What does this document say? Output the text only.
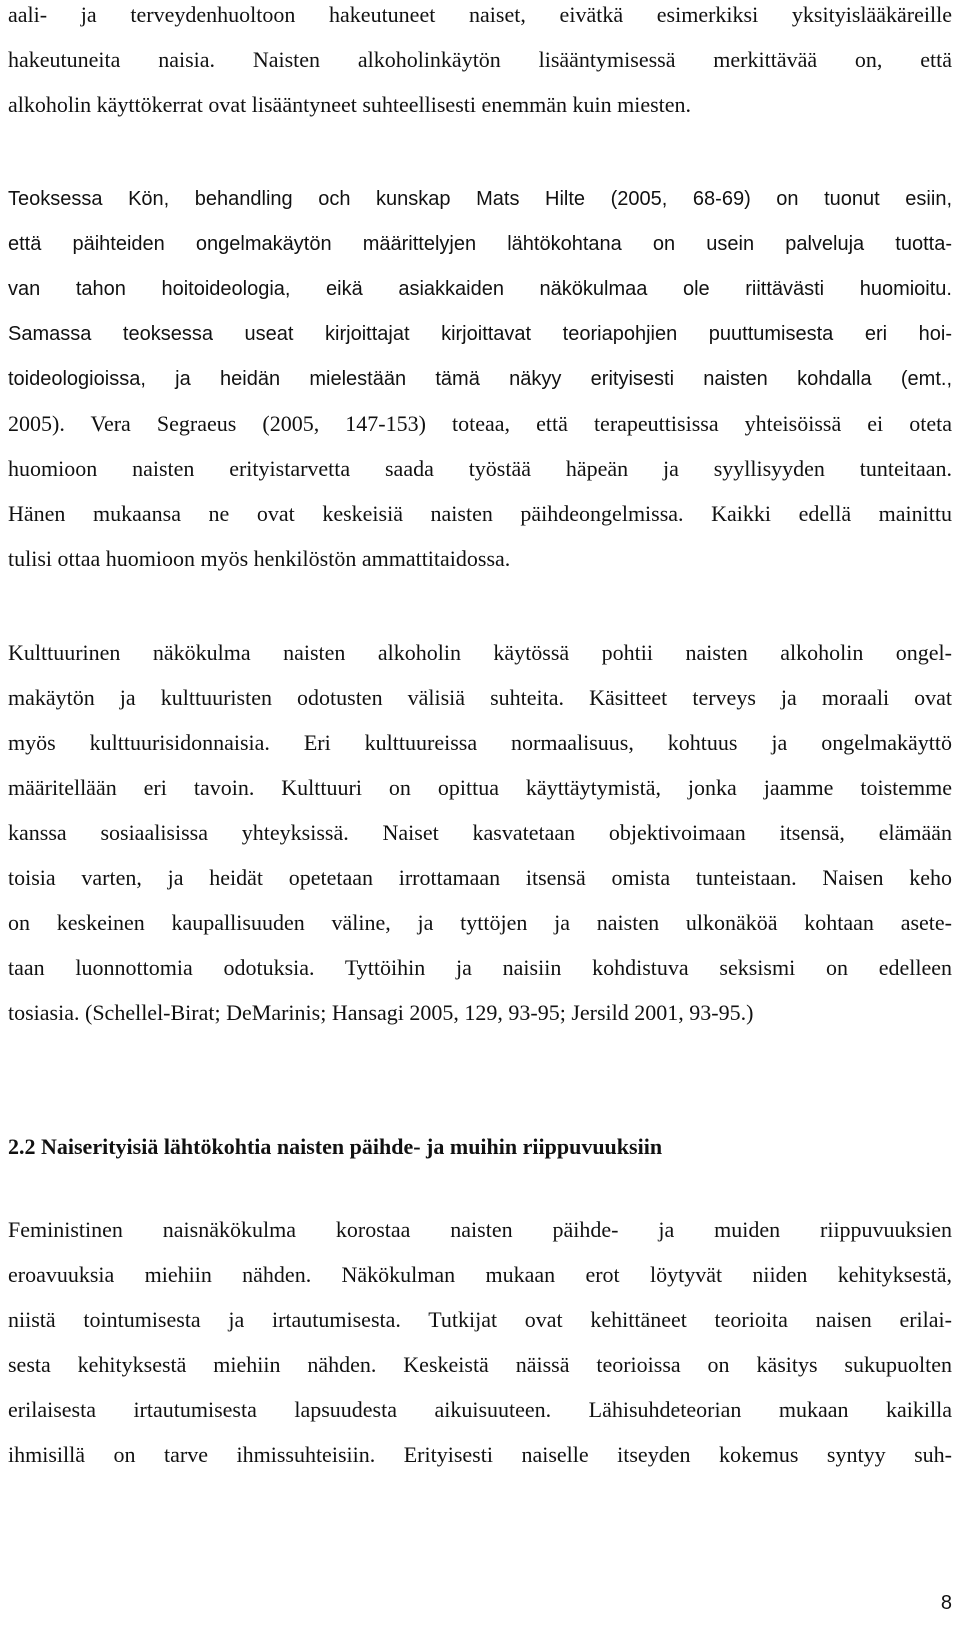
aali- ja terveydenhuoltoon hakeutuneet naiset, eivätkä esimerkiksi yksityislääkäreille
hakeutuneita naisia. Naisten alkoholinkäytön lisääntymisessä merkittävää on, että
alkoholin käyttökerrat ovat lisääntyneet suhteellisesti enemmän kuin miesten.
Teoksessa Kön, behandling och kunskap Mats Hilte (2005, 68-69) on tuonut esiin,
että päihteiden ongelmakäytön määrittelyjen lähtökohtana on usein palveluja tuotta-
van tahon hoitoideologia, eikä asiakkaiden näkökulmaa ole riittävästi huomioitu.
Samassa teoksessa useat kirjoittajat kirjoittavat teoriapohjien puuttumisesta eri hoi-
toideologioissa, ja heidän mielestään tämä näkyy erityisesti naisten kohdalla (emt.,
2005). Vera Segraeus (2005, 147-153) toteaa, että terapeuttisissa yhteisöissä ei oteta
huomioon naisten erityistarvetta saada työstää häpeän ja syyllisyyden tunteitaan.
Hänen mukaansa ne ovat keskeisiä naisten päihdeongelmissa. Kaikki edellä mainittu
tulisi ottaa huomioon myös henkilöstön ammattitaidossa.
Kulttuurinen näkökulma naisten alkoholin käytössä pohtii naisten alkoholin ongel-
makäytön ja kulttuuristen odotusten välisiä suhteita. Käsitteet terveys ja moraali ovat
myös kulttuurisidonnaisia. Eri kulttuureissa normaalisuus, kohtuus ja ongelmakäyttö
määritellään eri tavoin. Kulttuuri on opittua käyttäytymistä, jonka jaamme toistemme
kanssa sosiaalisissa yhteyksissä. Naiset kasvatetaan objektivoimaan itsensä, elämään
toisia varten, ja heidät opetetaan irrottamaan itsensä omista tunteistaan. Naisen keho
on keskeinen kaupallisuuden väline, ja tyttöjen ja naisten ulkonäköä kohtaan asete-
taan luonnottomia odotuksia. Tyttöihin ja naisiin kohdistuva seksismi on edelleen
tosiasia. (Schellel-Birat; DeMarinis; Hansagi 2005, 129, 93-95; Jersild 2001, 93-95.)
2.2 Naiserityisiä lähtökohtia naisten päihde- ja muihin riippuvuuksiin
Feministinen naisnäkökulma korostaa naisten päihde- ja muiden riippuvuuksien
eroavuuksia miehiin nähden. Näkökulman mukaan erot löytyvät niiden kehityksestä,
niistä tointumisesta ja irtautumisesta. Tutkijat ovat kehittäneet teorioita naisen erilai-
sesta kehityksestä miehiin nähden. Keskeistä näissä teorioissa on käsitys sukupuolten
erilaisesta irtautumisesta lapsuudesta aikuisuuteen. Lähisuhdeteorian mukaan kaikilla
ihmisillä on tarve ihmissuhteisiin. Erityisesti naiselle itseyden kokemus syntyy suh-
8
